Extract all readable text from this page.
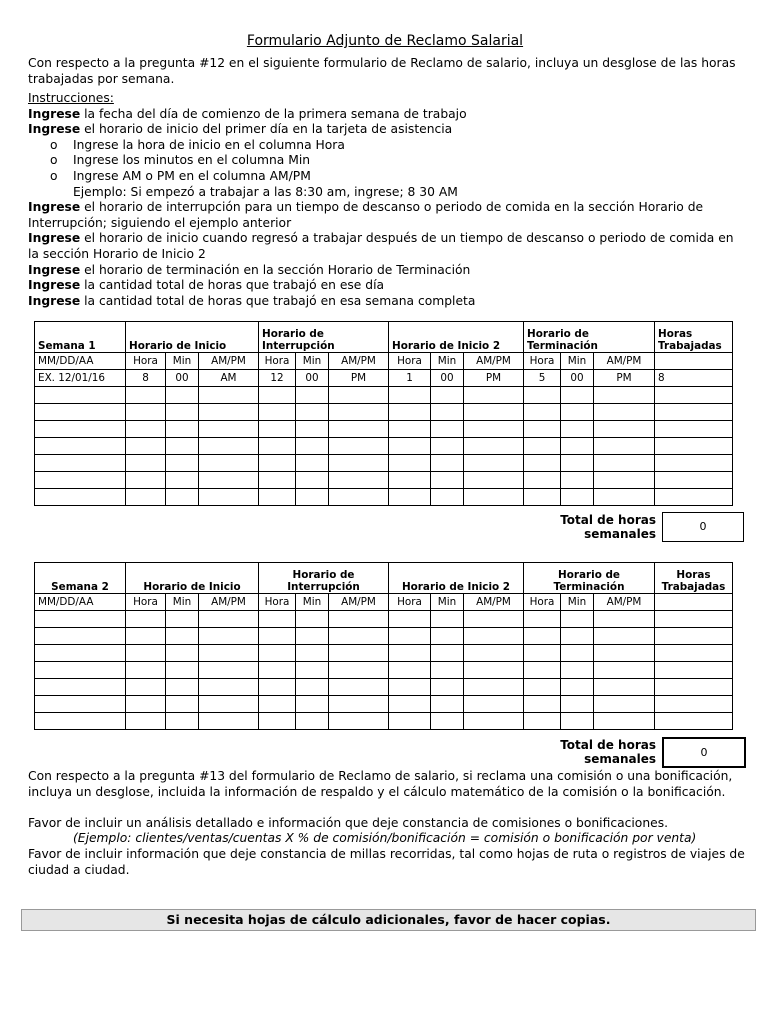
Formulario Adjunto de Reclamo Salarial
Con respecto a la pregunta #12 en el siguiente formulario de Reclamo de salario, incluya un desglose de las horas trabajadas por semana.
Instrucciones:
Ingrese la fecha del día de comienzo de la primera semana de trabajo
Ingrese el horario de inicio del primer día en la tarjeta de asistencia
o Ingrese la hora de inicio en el columna Hora
o Ingrese los minutos en el columna Min
o Ingrese AM o PM en el columna AM/PM
Ejemplo: Si empezó a trabajar a las 8:30 am, ingrese; 8 30 AM
Ingrese el horario de interrupción para un tiempo de descanso o periodo de comida en la sección Horario de Interrupción; siguiendo el ejemplo anterior
Ingrese el horario de inicio cuando regresó a trabajar después de un tiempo de descanso o periodo de comida en la sección Horario de Inicio 2
Ingrese el horario de terminación en la sección Horario de Terminación
Ingrese la cantidad total de horas que trabajó en ese día
Ingrese la cantidad total de horas que trabajó en esa semana completa
Semana 1	Horario de Inicio			Horario de Interrupción			Horario de Inicio 2			Horario de Terminación			Horas Trabajadas
MM/DD/AA	Hora	Min	AM/PM	Hora	Min	AM/PM	Hora	Min	AM/PM	Hora	Min	AM/PM	
EX. 12/01/16	8	00	AM	12	00	PM	1	00	PM	5	00	PM	8

Total de horas semanales
0
Semana 2	Horario de Inicio			Horario de Interrupción			Horario de Inicio 2			Horario de Terminación			Horas Trabajadas
MM/DD/AA	Hora	Min	AM/PM	Hora	Min	AM/PM	Hora	Min	AM/PM	Hora	Min	AM/PM	

Total de horas semanales	0

Con respecto a la pregunta #13 del formulario de Reclamo de salario, si reclama una comisión o una bonificación, incluya un desglose, incluida la información de respaldo y el cálculo matemático de la comisión o la bonificación.

Favor de incluir un análisis detallado e información que deje constancia de comisiones o bonificaciones.

(Ejemplo: clientes/ventas/cuentas X % de comisión/bonificación = comisión o bonificación por venta)

Favor de incluir información que deje constancia de millas recorridas, tal como hojas de ruta o registros de viajes de ciudad a ciudad.

Si necesita hojas de cálculo adicionales, favor de hacer copias.
